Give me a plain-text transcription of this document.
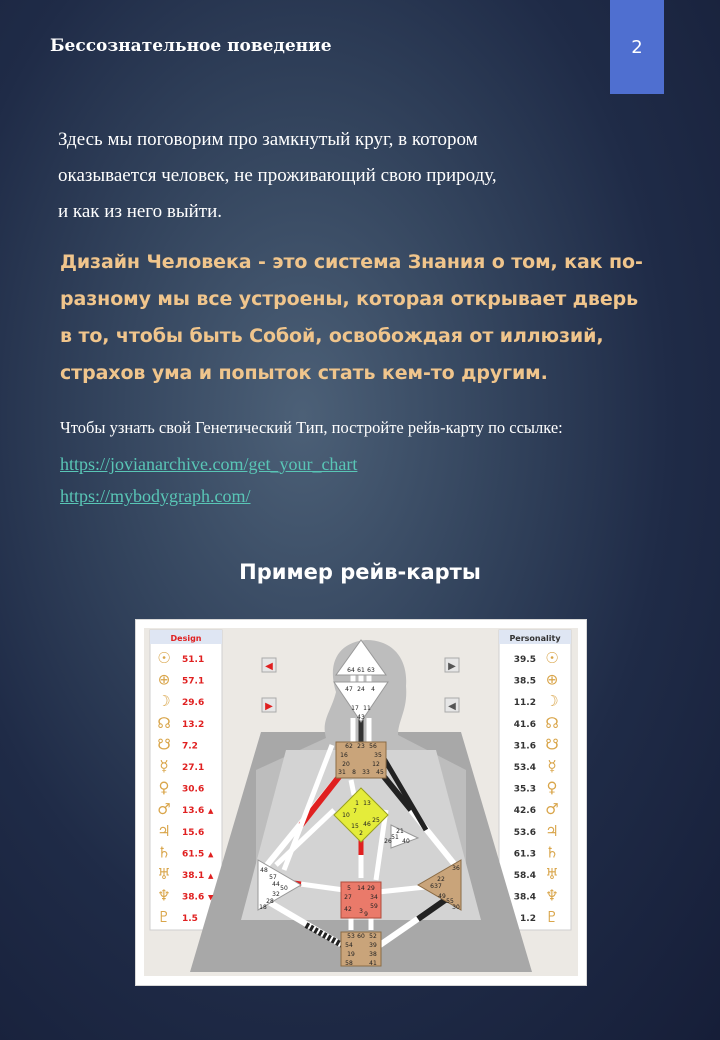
Бессознательное поведение	2
Здесь мы поговорим про замкнутый круг, в котором
оказывается человек, не проживающий свою природу,
и как из него выйти.
Дизайн Человека - это система Знания о том, как по-
разному мы все устроены, которая открывает дверь
в то, чтобы быть Собой, освобождая от иллюзий,
страхов ума и попыток стать кем-то другим.
Чтобы узнать свой Генетический Тип, постройте рейв-карту по ссылке:
https://jovianarchive.com/get_your_chart
https://mybodygraph.com/
Пример рейв-карты
Design	Personality
◀
▶
▶
◀
☉ 51.1
⊕ 57.1
☽ 29.6
☊ 13.2
☋ 7.2
☿ 27.1
♀ 30.6
♂ 13.6 ▲
♃ 15.6
♄ 61.5 ▲
♅ 38.1 ▲
♆ 38.6 ▼
♇ 1.5
39.5 ☉
38.5 ⊕
11.2 ☽
41.6 ☊
31.6 ☋
53.4 ☿
35.3 ♀
42.6 ♂
53.6 ♃
61.3 ♄
58.4 ♅
38.4 ♆
1.2 ♇
64 61 63
47 24 4
17 11
43
62 23 56
16	35
20	12
31 8 33 45
1 13
7
10
15
25
46
2	21
51
26 40
48
57
44
50
32
28
18
5 14 29
34
27
42 3
59
9
36
22
37
6
49
55
30
53 60 52
54
19
58
39
38
41
